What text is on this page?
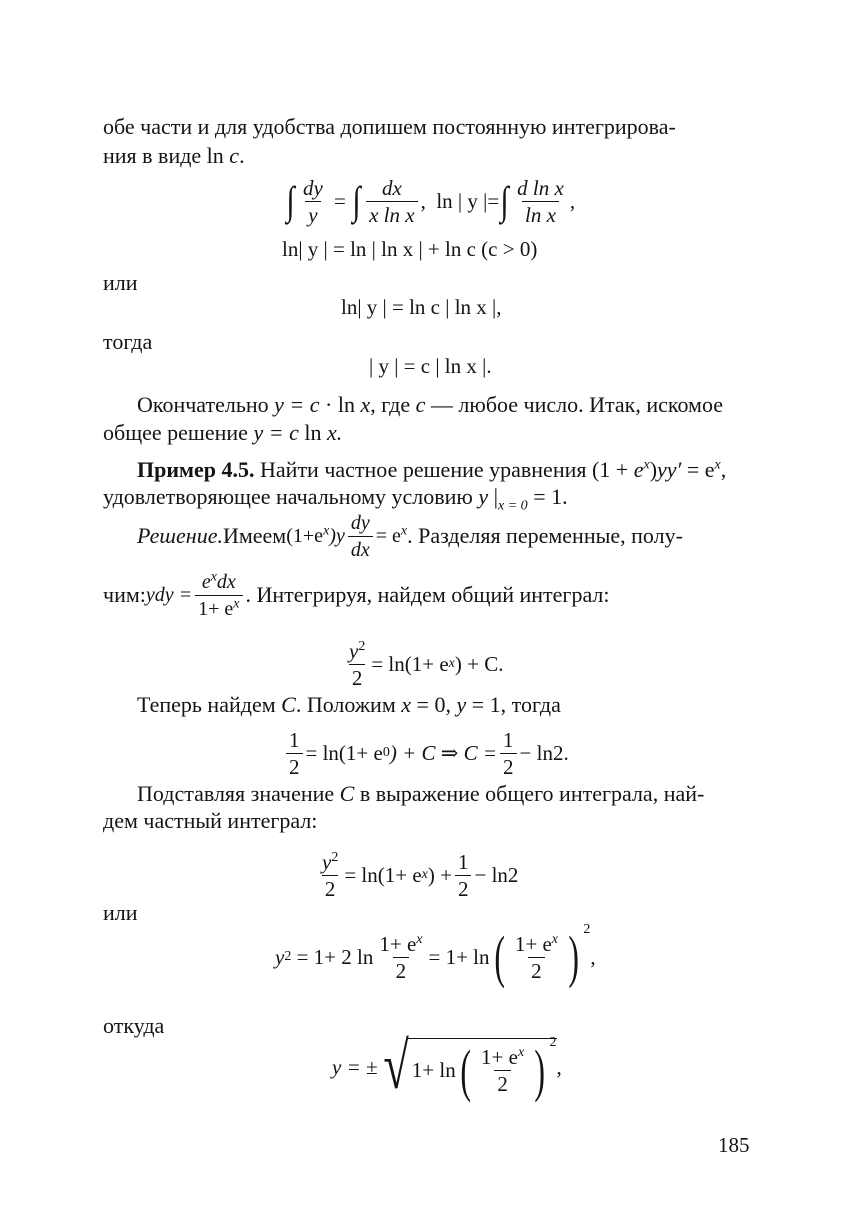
обе части и для удобства допишем постоянную интегрирова-
ния в виде ln c.
∫ $\frac{dy}{y}$ = ∫ $\frac{dx}{\text{x ln x}}$ , ln | y |= ∫ $\frac{\text{d ln x}}{\text{ln x}}$ ,
ln| y | = ln | ln x | + ln c (c > 0)
или
ln| y | = ln c | ln x |,
тогда
| y | = c | ln x |.
Окончательно y = c · ln x, где c — любое число. Итак, искомое
общее решение y = c ln x.
Пример 4.5. Найти частное решение уравнения $(1 + e^x)yy' = e^x$,
удовлетворяющее начальному условию y $|_{x = 0} = 1$.
Решение. Имеем $(1+e^x)y \frac{dy}{dx} = e^x$ . Разделяя переменные, полу-
чим: ydy = $\frac{e^xdx}{1+ e^x}$ . Интегрируя, найдем общий интеграл:
$\frac{y^2}{2} = \ln(1+ e$ x ) + C.
Теперь найдем C. Положим x = 0, y = 1, тогда
$\frac{1}{2} = \ln(1+ e$ 0 ) + C ⇒ $C = \frac{1}{2} - \ln 2$.
Подставляя значение C в выражение общего интеграла, най-
дем частный интеграл:
$\frac{y^2}{2} = \ln(1+ e$ x ) + $\frac{1}{2} - \ln 2$
или
y 2
= 1+ 2 $\ln \frac{1+ e^x}{2} = 1+ \ln$ ( $\frac{1+ e^x}{2}$ ) 2
,
откуда
y = ± √ 1+ ln ( $\frac{1+ e^x}{2}$ ) 2
,
185
